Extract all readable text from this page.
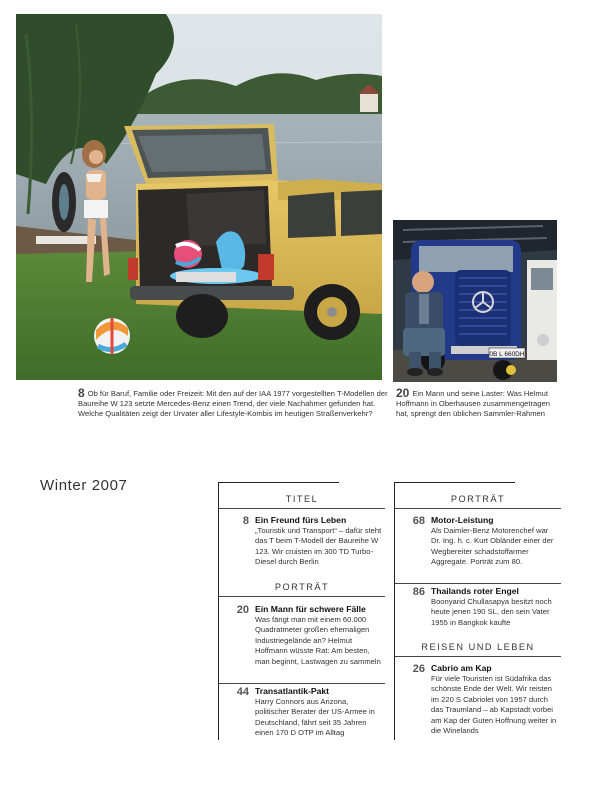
0B L 660DH
8 Ob für Baruf, Familie oder Freizeit: Mit den auf der IAA 1977 vorgestellten T-Modellen der Baureihe W 123 setzte Mercedes-Benz einen Trend, der viele Nachahmer gefunden hat. Welche Qualitäten zeigt der Urvater aller Lifestyle-Kombis im heutigen Straßenverkehr?
20 Ein Mann und seine Laster: Was Helmut Hoffmann in Oberhausen zusammengetragen hat, sprengt den üblichen Sammler-Rahmen
Winter 2007
TITEL
8 Ein Freund fürs Leben
„Touristik und Transport“ – dafür steht das T beim T-Modell der Baureihe W 123. Wir cruisten im 300 TD Turbo-Diesel durch Berlin
PORTRÄT
20 Ein Mann für schwere Fälle
Was fängt man mit einem 60.000 Quadratmeter großen ehemaligen Industriegelände an? Helmut Hoffmann wüsste Rat: Am besten, man beginnt, Lastwagen zu sammeln
44 Transatlantik-Pakt
Harry Connors aus Arizona, politischer Berater der US-Armee in Deutschland, fährt seit 35 Jahren einen 170 D OTP im Alltag
PORTRÄT
68 Motor-Leistung
Als Daimler-Benz Motorenchef war Dr. Ing. h. c. Kurt Obländer einer der Wegbereiter schadstoffarmer Aggregate. Porträt zum 80.
86 Thailands roter Engel
Boonyarid Chullasapya besitzt noch heute jenen 190 SL, den sein Vater 1955 in Bangkok kaufte
REISEN UND LEBEN
26 Cabrio am Kap
Für viele Touristen ist Südafrika das schönste Ende der Welt. Wir reisten im 220 S Cabriolet von 1957 durch das Traumland – ab Kapstadt vorbei am Kap der Guten Hoffnung weiter in die Winelands
